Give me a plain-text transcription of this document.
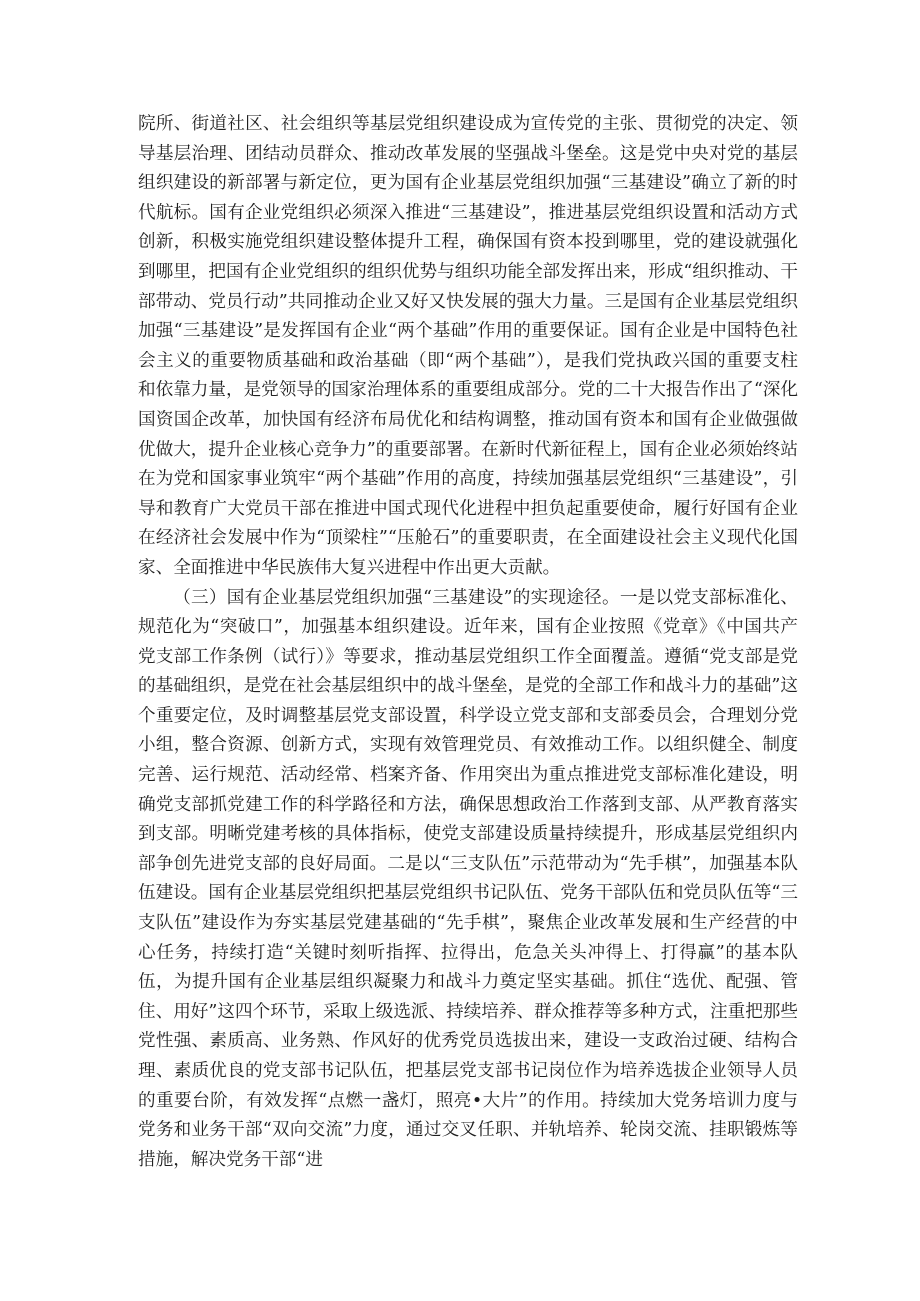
院所、街道社区、社会组织等基层党组织建设成为宣传党的主张、贯彻党的决定、领导基层治理、团结动员群众、推动改革发展的坚强战斗堡垒。这是党中央对党的基层组织建设的新部署与新定位，更为国有企业基层党组织加强“三基建设”确立了新的时代航标。国有企业党组织必须深入推进“三基建设”，推进基层党组织设置和活动方式创新，积极实施党组织建设整体提升工程，确保国有资本投到哪里，党的建设就强化到哪里，把国有企业党组织的组织优势与组织功能全部发挥出来，形成“组织推动、干部带动、党员行动”共同推动企业又好又快发展的强大力量。三是国有企业基层党组织加强“三基建设”是发挥国有企业“两个基础”作用的重要保证。国有企业是中国特色社会主义的重要物质基础和政治基础（即“两个基础”），是我们党执政兴国的重要支柱和依靠力量，是党领导的国家治理体系的重要组成部分。党的二十大报告作出了“深化国资国企改革，加快国有经济布局优化和结构调整，推动国有资本和国有企业做强做优做大，提升企业核心竞争力”的重要部署。在新时代新征程上，国有企业必须始终站在为党和国家事业筑牢“两个基础”作用的高度，持续加强基层党组织“三基建设”，引导和教育广大党员干部在推进中国式现代化进程中担负起重要使命，履行好国有企业在经济社会发展中作为“顶梁柱”“压舱石”的重要职责，在全面建设社会主义现代化国家、全面推进中华民族伟大复兴进程中作出更大贡献。

（三）国有企业基层党组织加强“三基建设”的实现途径。一是以党支部标准化、规范化为“突破口”，加强基本组织建设。近年来，国有企业按照《党章》《中国共产党支部工作条例（试行）》等要求，推动基层党组织工作全面覆盖。遵循“党支部是党的基础组织，是党在社会基层组织中的战斗堡垒，是党的全部工作和战斗力的基础”这个重要定位，及时调整基层党支部设置，科学设立党支部和支部委员会，合理划分党小组，整合资源、创新方式，实现有效管理党员、有效推动工作。以组织健全、制度完善、运行规范、活动经常、档案齐备、作用突出为重点推进党支部标准化建设，明确党支部抓党建工作的科学路径和方法，确保思想政治工作落到支部、从严教育落实到支部。明晰党建考核的具体指标，使党支部建设质量持续提升，形成基层党组织内部争创先进党支部的良好局面。二是以“三支队伍”示范带动为“先手棋”，加强基本队伍建设。国有企业基层党组织把基层党组织书记队伍、党务干部队伍和党员队伍等“三支队伍”建设作为夯实基层党建基础的“先手棋”，聚焦企业改革发展和生产经营的中心任务，持续打造“关键时刻听指挥、拉得出，危急关头冲得上、打得赢”的基本队伍，为提升国有企业基层组织凝聚力和战斗力奠定坚实基础。抓住“选优、配强、管住、用好”这四个环节，采取上级选派、持续培养、群众推荐等多种方式，注重把那些党性强、素质高、业务熟、作风好的优秀党员选拔出来，建设一支政治过硬、结构合理、素质优良的党支部书记队伍，把基层党支部书记岗位作为培养选拔企业领导人员的重要台阶，有效发挥“点燃一盏灯，照亮•大片”的作用。持续加大党务培训力度与党务和业务干部“双向交流”力度，通过交叉任职、并轨培养、轮岗交流、挂职锻炼等措施，解决党务干部“进
